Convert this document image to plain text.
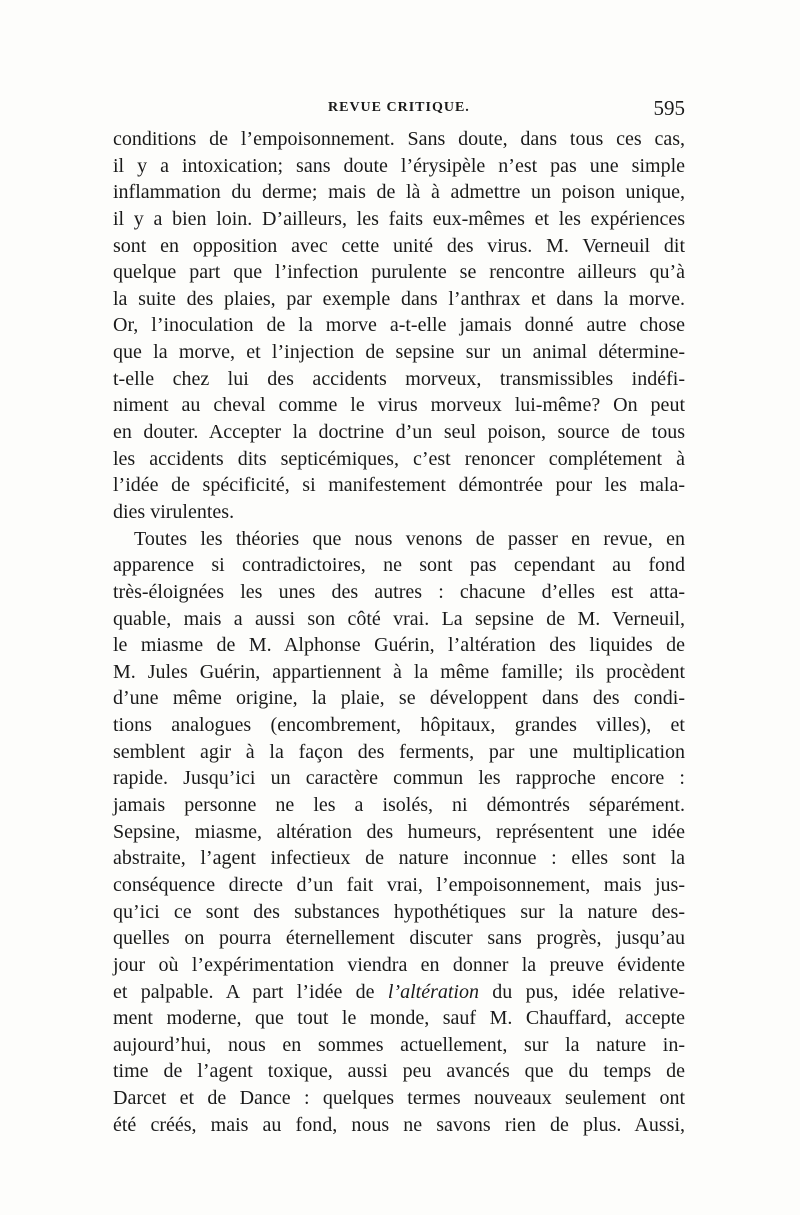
REVUE CRITIQUE.	595
conditions de l’empoisonnement. Sans doute, dans tous ces cas,
il y a intoxication; sans doute l’érysipèle n’est pas une simple
inflammation du derme; mais de là à admettre un poison unique,
il y a bien loin. D’ailleurs, les faits eux-mêmes et les expériences
sont en opposition avec cette unité des virus. M. Verneuil dit
quelque part que l’infection purulente se rencontre ailleurs qu’à
la suite des plaies, par exemple dans l’anthrax et dans la morve.
Or, l’inoculation de la morve a-t-elle jamais donné autre chose
que la morve, et l’injection de sepsine sur un animal détermine-
t-elle chez lui des accidents morveux, transmissibles indéfi-
niment au cheval comme le virus morveux lui-même? On peut
en douter. Accepter la doctrine d’un seul poison, source de tous
les accidents dits septicémiques, c’est renoncer complétement à
l’idée de spécificité, si manifestement démontrée pour les mala-
dies virulentes.
Toutes les théories que nous venons de passer en revue, en
apparence si contradictoires, ne sont pas cependant au fond
très-éloignées les unes des autres : chacune d’elles est atta-
quable, mais a aussi son côté vrai. La sepsine de M. Verneuil,
le miasme de M. Alphonse Guérin, l’altération des liquides de
M. Jules Guérin, appartiennent à la même famille; ils procèdent
d’une même origine, la plaie, se développent dans des condi-
tions analogues (encombrement, hôpitaux, grandes villes), et
semblent agir à la façon des ferments, par une multiplication
rapide. Jusqu’ici un caractère commun les rapproche encore :
jamais personne ne les a isolés, ni démontrés séparément.
Sepsine, miasme, altération des humeurs, représentent une idée
abstraite, l’agent infectieux de nature inconnue : elles sont la
conséquence directe d’un fait vrai, l’empoisonnement, mais jus-
qu’ici ce sont des substances hypothétiques sur la nature des-
quelles on pourra éternellement discuter sans progrès, jusqu’au
jour où l’expérimentation viendra en donner la preuve évidente
et palpable. A part l’idée de l’altération du pus, idée relative-
ment moderne, que tout le monde, sauf M. Chauffard, accepte
aujourd’hui, nous en sommes actuellement, sur la nature in-
time de l’agent toxique, aussi peu avancés que du temps de
Darcet et de Dance : quelques termes nouveaux seulement ont
été créés, mais au fond, nous ne savons rien de plus. Aussi,
